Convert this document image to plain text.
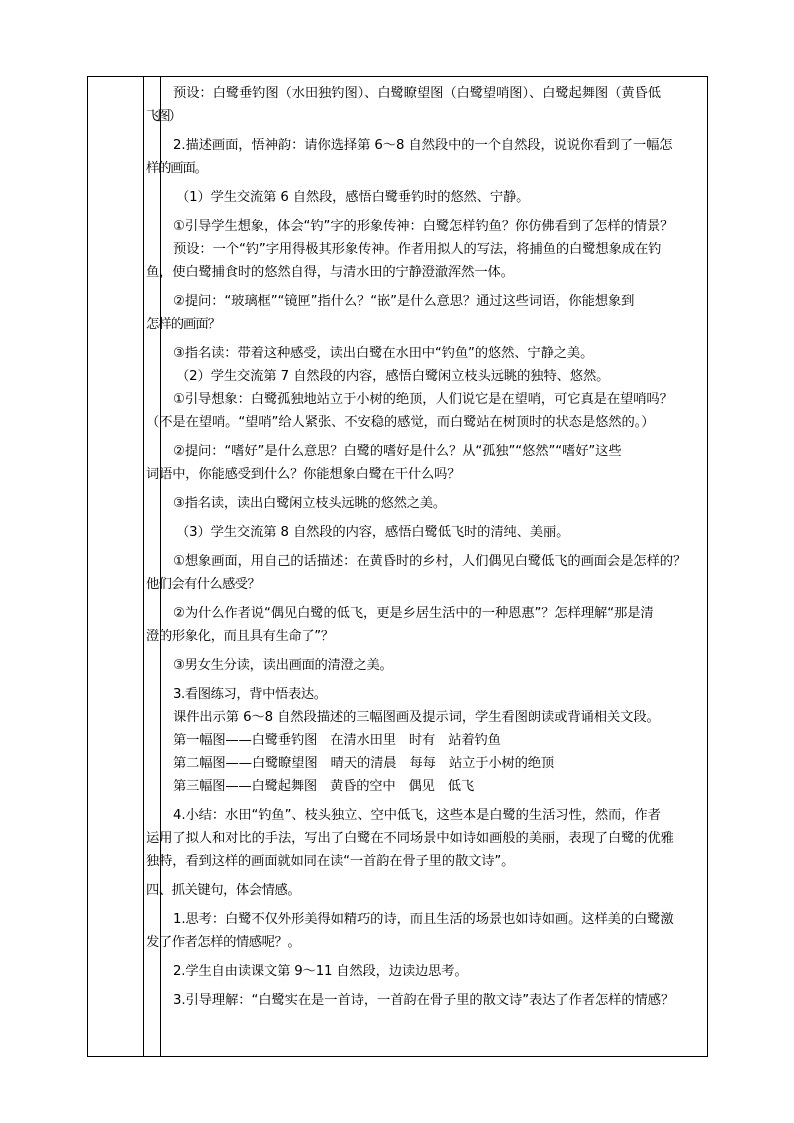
预设：白鹭垂钓图（水田独钓图）、白鹭瞭望图（白鹭望哨图）、白鹭起舞图（黄昏低

飞图）

2.描述画面，悟神韵：请你选择第 6～8 自然段中的一个自然段，说说你看到了一幅怎

样的画面。

（1）学生交流第 6 自然段，感悟白鹭垂钓时的悠然、宁静。

①引导学生想象，体会“钓”字的形象传神：白鹭怎样钓鱼？你仿佛看到了怎样的情景？

预设：一个“钓”字用得极其形象传神。作者用拟人的写法，将捕鱼的白鹭想象成在钓

鱼，使白鹭捕食时的悠然自得，与清水田的宁静澄澈浑然一体。

②提问：“玻璃框”“镜匣”指什么？“嵌”是什么意思？通过这些词语，你能想象到

怎样的画面？

③指名读：带着这种感受，读出白鹭在水田中“钓鱼”的悠然、宁静之美。

（2）学生交流第 7 自然段的内容，感悟白鹭闲立枝头远眺的独特、悠然。

①引导想象：白鹭孤独地站立于小树的绝顶，人们说它是在望哨，可它真是在望哨吗？

（不是在望哨。“望哨”给人紧张、不安稳的感觉，而白鹭站在树顶时的状态是悠然的。）

②提问：“嗜好”是什么意思？白鹭的嗜好是什么？从“孤独”“悠然”“嗜好”这些

词语中，你能感受到什么？你能想象白鹭在干什么吗？

③指名读，读出白鹭闲立枝头远眺的悠然之美。

（3）学生交流第 8 自然段的内容，感悟白鹭低飞时的清纯、美丽。

①想象画面，用自己的话描述：在黄昏时的乡村，人们偶见白鹭低飞的画面会是怎样的？

他们会有什么感受？

②为什么作者说“偶见白鹭的低飞，更是乡居生活中的一种恩惠”？怎样理解“那是清

澄的形象化，而且具有生命了”？

③男女生分读，读出画面的清澄之美。

3.看图练习，背中悟表达。

课件出示第 6～8 自然段描述的三幅图画及提示词，学生看图朗读或背诵相关文段。

第一幅图——白鹭垂钓图　在清水田里　时有　站着钓鱼

第二幅图——白鹭瞭望图　晴天的清晨　每每　站立于小树的绝顶

第三幅图——白鹭起舞图　黄昏的空中　偶见　低飞

4.小结：水田“钓鱼”、枝头独立、空中低飞，这些本是白鹭的生活习性，然而，作者

运用了拟人和对比的手法，写出了白鹭在不同场景中如诗如画般的美丽，表现了白鹭的优雅

独特，看到这样的画面就如同在读“一首韵在骨子里的散文诗”。

四、抓关键句，体会情感。

1.思考：白鹭不仅外形美得如精巧的诗，而且生活的场景也如诗如画。这样美的白鹭激

发了作者怎样的情感呢？。

2.学生自由读课文第 9～11 自然段，边读边思考。

3.引导理解：“白鹭实在是一首诗，一首韵在骨子里的散文诗”表达了作者怎样的情感？
